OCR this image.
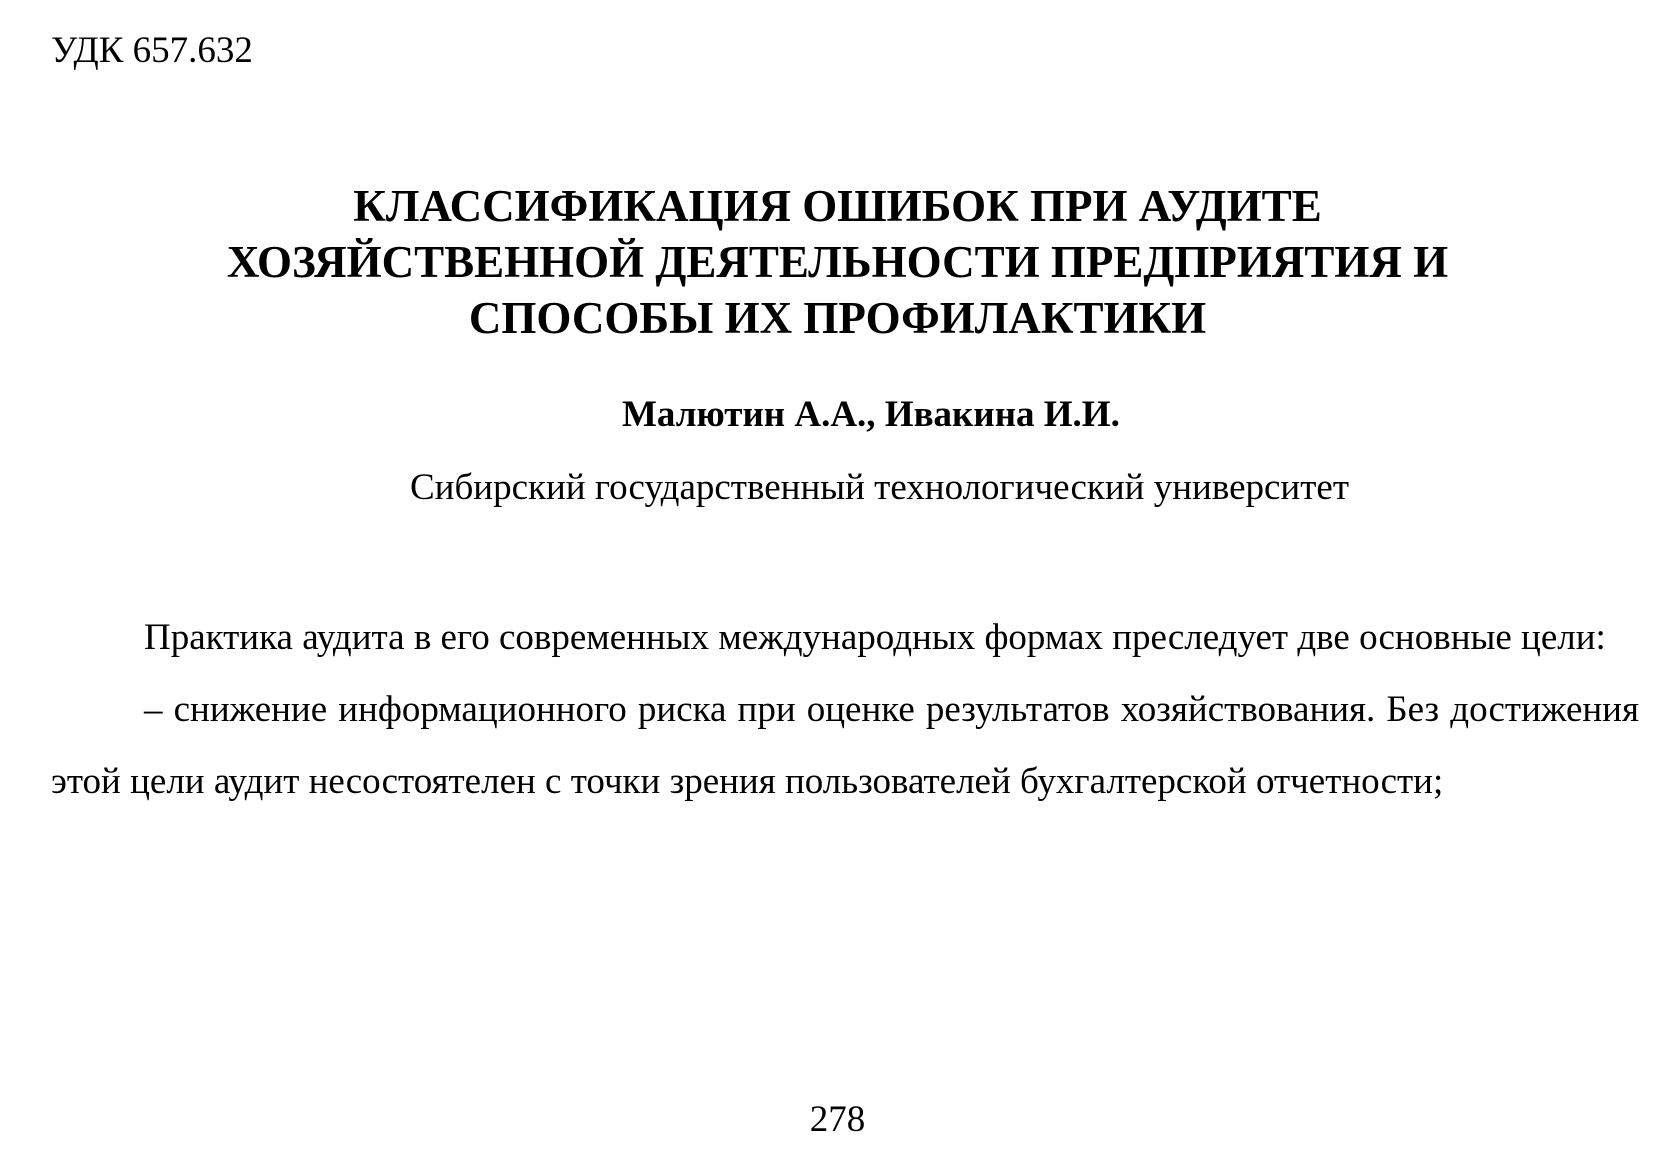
УДК 657.632
КЛАССИФИКАЦИЯ ОШИБОК ПРИ АУДИТЕ
ХОЗЯЙСТВЕННОЙ ДЕЯТЕЛЬНОСТИ ПРЕДПРИЯТИЯ И
СПОСОБЫ ИХ ПРОФИЛАКТИКИ
Малютин А.А., Ивакина И.И.
Сибирский государственный технологический университет

Практика аудита в его современных международных формах преследует две основные цели:

– снижение информационного риска при оценке результатов хозяйствования. Без достижения этой цели аудит несостоятелен с точки зрения пользователей бухгалтерской отчетности;

278
